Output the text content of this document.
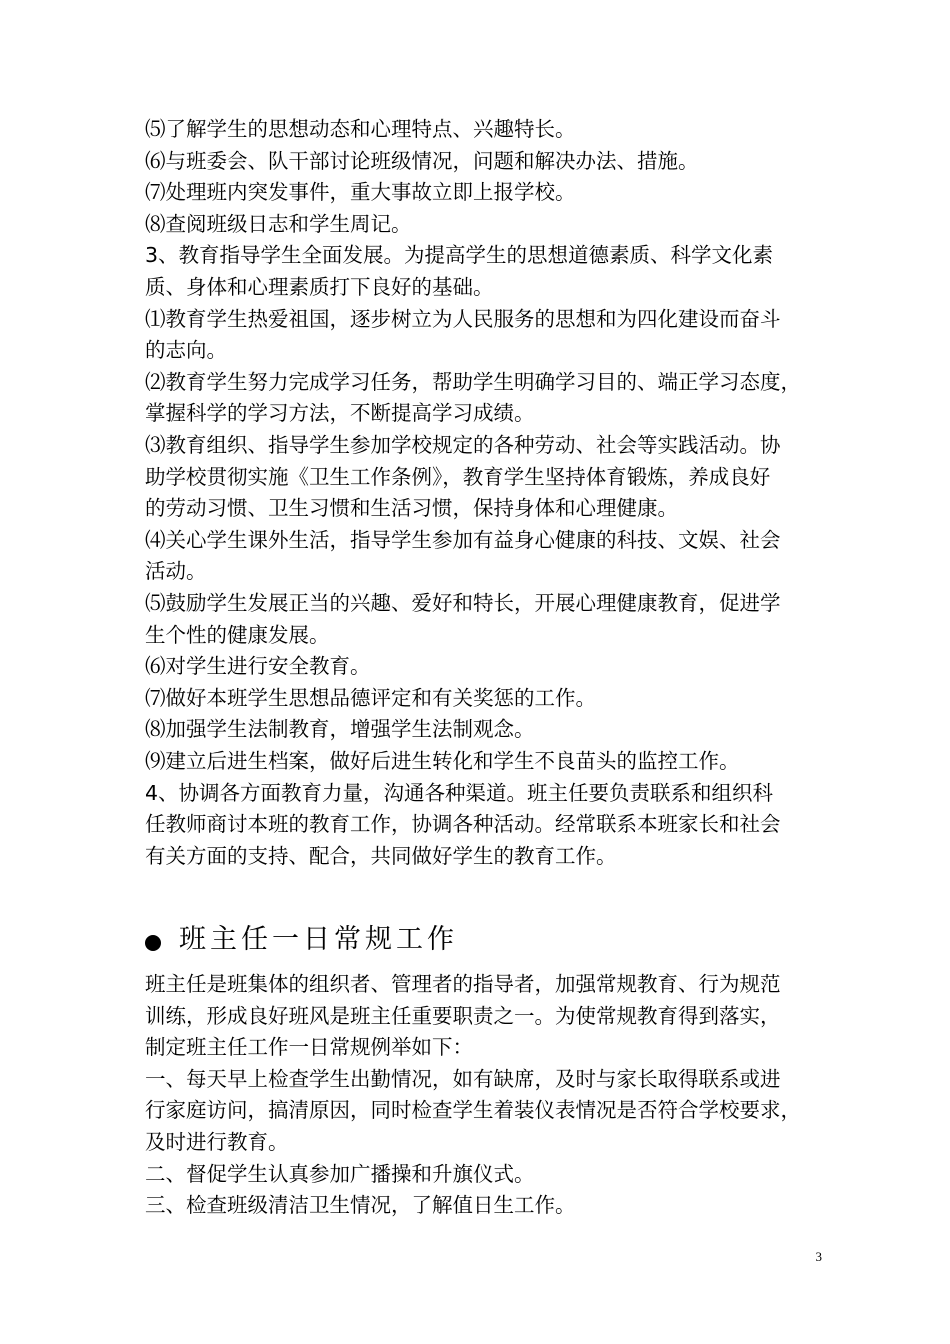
⑸了解学生的思想动态和心理特点、兴趣特长。
⑹与班委会、队干部讨论班级情况，问题和解决办法、措施。
⑺处理班内突发事件，重大事故立即上报学校。
⑻查阅班级日志和学生周记。
3、教育指导学生全面发展。为提高学生的思想道德素质、科学文化素
质、身体和心理素质打下良好的基础。
⑴教育学生热爱祖国，逐步树立为人民服务的思想和为四化建设而奋斗
的志向。
⑵教育学生努力完成学习任务，帮助学生明确学习目的、端正学习态度，
掌握科学的学习方法，不断提高学习成绩。
⑶教育组织、指导学生参加学校规定的各种劳动、社会等实践活动。协
助学校贯彻实施《卫生工作条例》，教育学生坚持体育锻炼，养成良好
的劳动习惯、卫生习惯和生活习惯，保持身体和心理健康。
⑷关心学生课外生活，指导学生参加有益身心健康的科技、文娱、社会
活动。
⑸鼓励学生发展正当的兴趣、爱好和特长，开展心理健康教育，促进学
生个性的健康发展。
⑹对学生进行安全教育。
⑺做好本班学生思想品德评定和有关奖惩的工作。
⑻加强学生法制教育，增强学生法制观念。
⑼建立后进生档案，做好后进生转化和学生不良苗头的监控工作。
4、协调各方面教育力量，沟通各种渠道。班主任要负责联系和组织科
任教师商讨本班的教育工作，协调各种活动。经常联系本班家长和社会
有关方面的支持、配合，共同做好学生的教育工作。
班主任一日常规工作
班主任是班集体的组织者、管理者的指导者，加强常规教育、行为规范
训练，形成良好班风是班主任重要职责之一。为使常规教育得到落实，
制定班主任工作一日常规例举如下：
一、每天早上检查学生出勤情况，如有缺席，及时与家长取得联系或进
行家庭访问，搞清原因，同时检查学生着装仪表情况是否符合学校要求，
及时进行教育。
二、督促学生认真参加广播操和升旗仪式。
三、检查班级清洁卫生情况，了解值日生工作。
3
